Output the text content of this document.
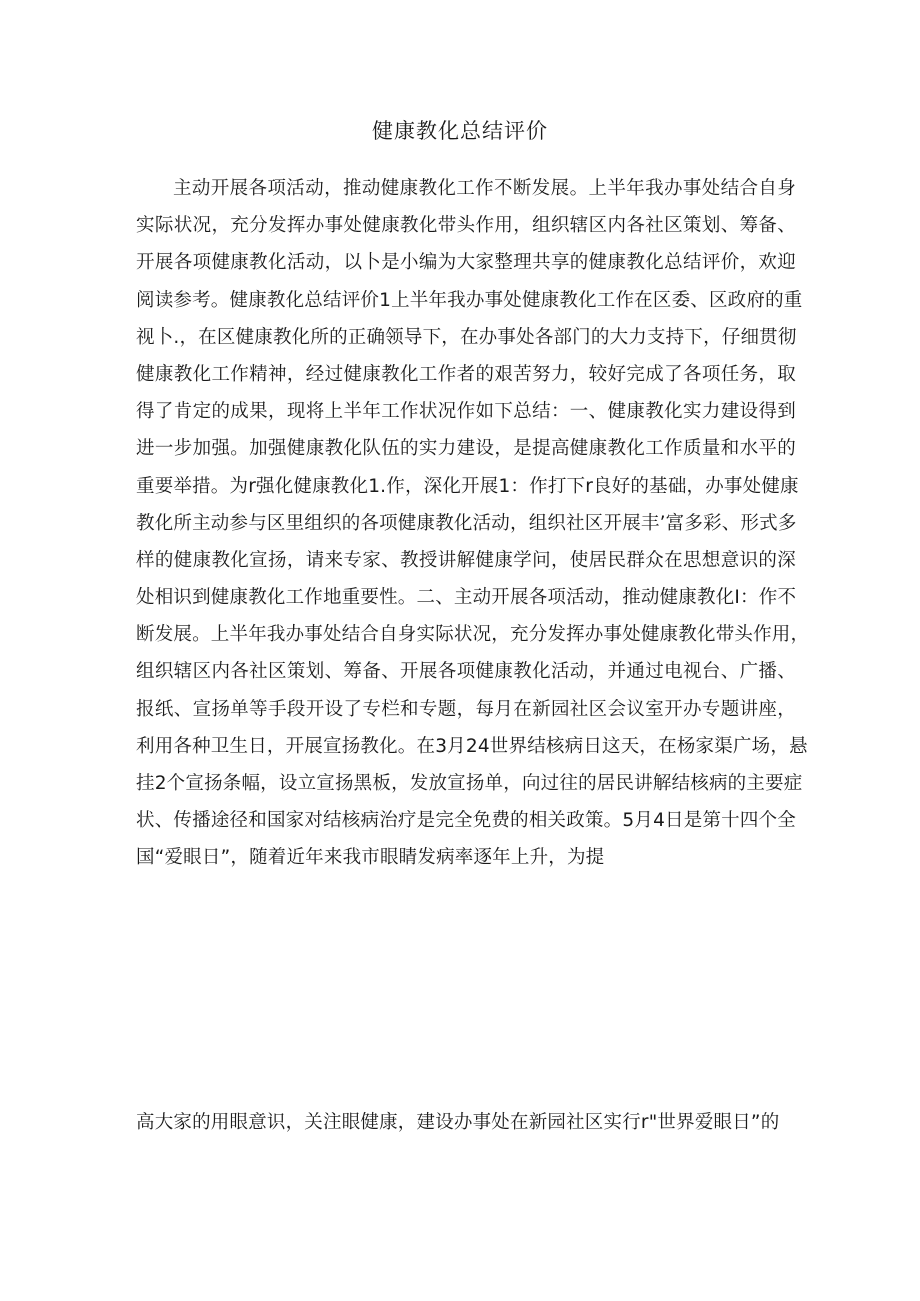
健康教化总结评价
主动开展各项活动，推动健康教化工作不断发展。上半年我办事处结合自身
实际状况，充分发挥办事处健康教化带头作用，组织辖区内各社区策划、筹备、
开展各项健康教化活动，以卜是小编为大家整理共享的健康教化总结评价，欢迎
阅读参考。健康教化总结评价1上半年我办事处健康教化工作在区委、区政府的重
视卜.，在区健康教化所的正确领导下，在办事处各部门的大力支持下，仔细贯彻
健康教化工作精神，经过健康教化工作者的艰苦努力，较好完成了各项任务，取
得了肯定的成果，现将上半年工作状况作如下总结：一、健康教化实力建设得到
进一步加强。加强健康教化队伍的实力建设，是提高健康教化工作质量和水平的
重要举措。为r强化健康教化1.作，深化开展1：作打下r良好的基础，办事处健康
教化所主动参与区里组织的各项健康教化活动，组织社区开展丰’富多彩、形式多
样的健康教化宣扬，请来专家、教授讲解健康学问，使居民群众在思想意识的深
处相识到健康教化工作地重要性。二、主动开展各项活动，推动健康教化I：作不
断发展。上半年我办事处结合自身实际状况，充分发挥办事处健康教化带头作用，
组织辖区内各社区策划、筹备、开展各项健康教化活动，并通过电视台、广播、
报纸、宣扬单等手段开设了专栏和专题，每月在新园社区会议室开办专题讲座，
利用各种卫生日，开展宣扬教化。在3月24世界结核病日这天，在杨家渠广场，悬
挂2个宣扬条幅，设立宣扬黑板，发放宣扬单，向过往的居民讲解结核病的主要症
状、传播途径和国家对结核病治疗是完全免费的相关政策。5月4日是第十四个全
国“爱眼日”，随着近年来我市眼睛发病率逐年上升，为提
高大家的用眼意识，关注眼健康，建设办事处在新园社区实行r"世界爱眼日”的
